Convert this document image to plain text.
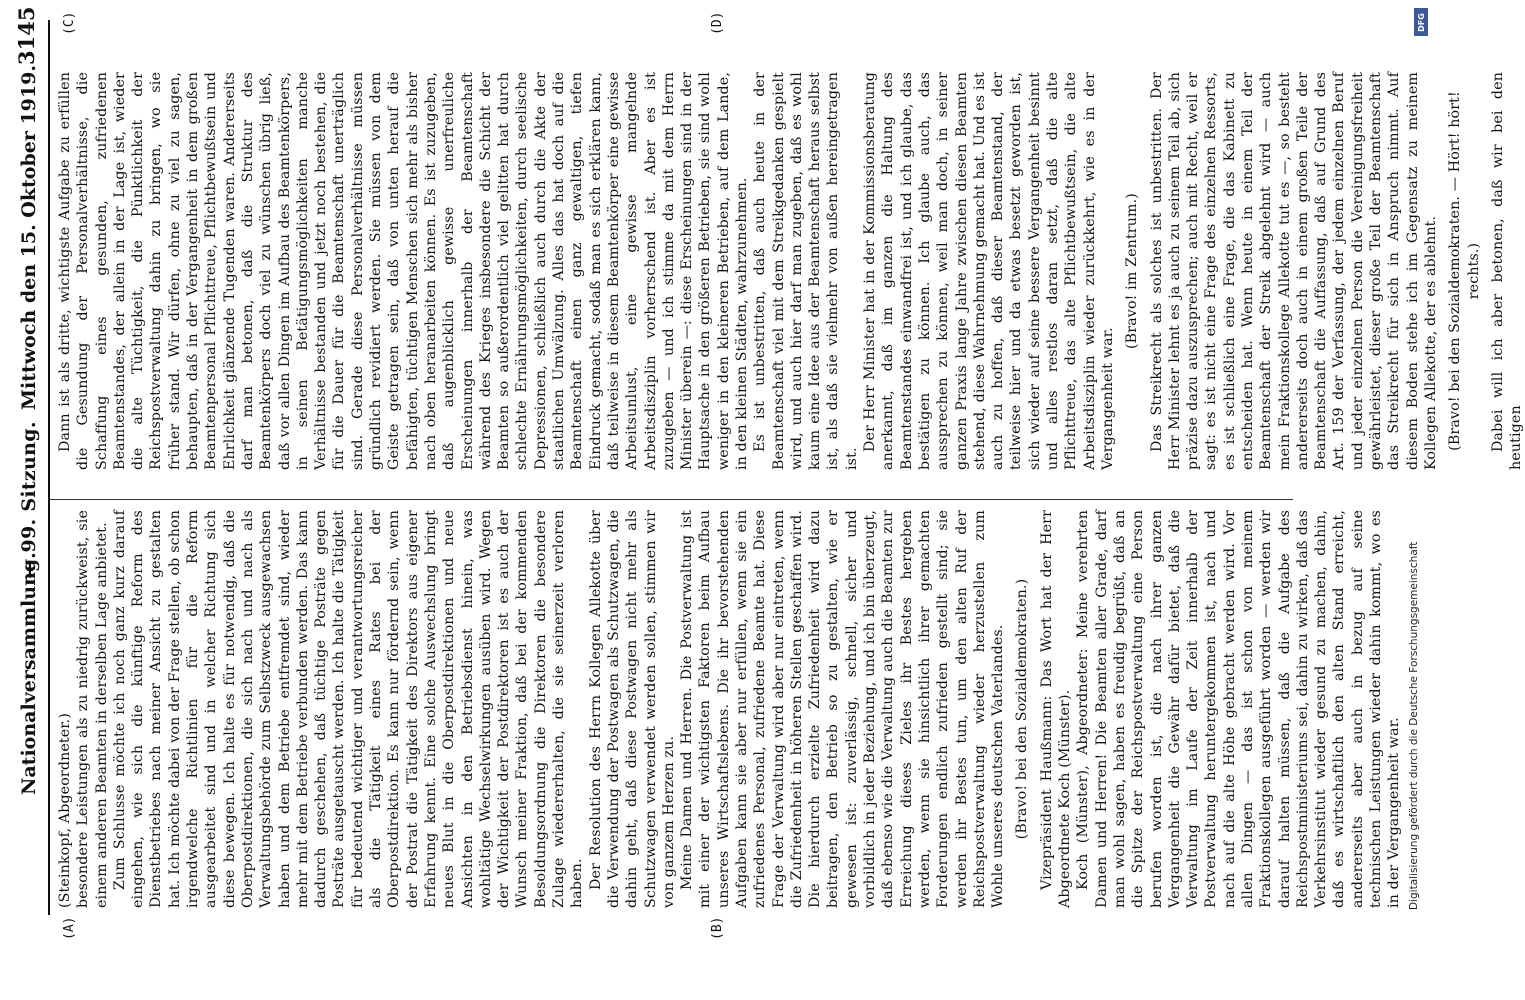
Nationalversammlung.
— 99. Sitzung.
Mittwoch den 15. Oktober 1919.
3145
(A)	(B)
(C)	(D)

(Steinkopf, Abgeordneter.) besondere Leistungen als zu niedrig zurückweist, sie einem anderen Beamten in derselben Lage anbietet. Zum Schlusse möchte ich noch ganz kurz darauf eingehen, wie sich die künftige Reform des Dienstbetriebes nach meiner Ansicht zu gestalten hat. Ich möchte dabei von der Frage stellen, ob schon irgendwelche Richtlinien für die Reform ausgearbeitet sind und in welcher Richtung sich diese bewegen. Ich halte es für notwendig, daß die Oberpostdirektionen, die sich nach und nach als Verwaltungsbehörde zum Selbstzweck ausgewachsen haben und dem Betriebe entfremdet sind, wieder mehr mit dem Betriebe verbunden werden. Das kann dadurch geschehen, daß tüchtige Posträte gegen Posträte ausgetauscht werden. Ich halte die Tätigkeit für bedeutend wichtiger und verantwortungsreicher als die Tätigkeit eines Rates bei der Oberpostdirektion. Es kann nur fördernd sein, wenn der Postrat die Tätigkeit des Direktors aus eigener Erfahrung kennt. Eine solche Auswechslung bringt neues Blut in die Oberpostdirektionen und neue Ansichten in den Betriebsdienst hinein, was wohltätige Wechselwirkungen ausüben wird. Wegen der Wichtigkeit der Postdirektoren ist es auch der Wunsch meiner Fraktion, daß bei der kommenden Besoldungsordnung die Direktoren die besondere Zulage wiedererhalten, die sie seinerzeit verloren haben. Der Resolution des Herrn Kollegen Allekotte über die Verwendung der Postwagen als Schutzwagen, die dahin geht, daß diese Postwagen nicht mehr als Schutzwagen verwendet werden sollen, stimmen wir von ganzem Herzen zu. Meine Damen und Herren. Die Postverwaltung ist mit einer der wichtigsten Faktoren beim Aufbau unseres Wirtschaftslebens. Die ihr bevorstehenden Aufgaben kann sie aber nur erfüllen, wenn sie ein zufriedenes Personal, zufriedene Beamte hat. Diese Frage der Verwaltung wird aber nur eintreten, wenn die Zufriedenheit in höheren Stellen geschaffen wird. Die hierdurch erzielte Zufriedenheit wird dazu beitragen, den Betrieb so zu gestalten, wie er gewesen ist: zuverlässig, schnell, sicher und vorbildlich in jeder Beziehung, und ich bin überzeugt, daß ebenso wie die Verwaltung auch die Beamten zur Erreichung dieses Zieles ihr Bestes hergeben werden, wenn sie hinsichtlich ihrer gemachten Forderungen endlich zufrieden gestellt sind; sie werden ihr Bestes tun, um den alten Ruf der Reichspostverwaltung wieder herzustellen zum Wohle unseres deutschen Vaterlandes. (Bravo! bei den Sozialdemokraten.) Vizepräsident Haußmann: Das Wort hat der Herr Abgeordnete Koch (Münster). Koch (Münster), Abgeordneter: Meine verehrten Damen und Herren! Die Beamten aller Grade, darf man wohl sagen, haben es freudig begrüßt, daß an die Spitze der Reichspostverwaltung eine Person berufen worden ist, die nach ihrer ganzen Vergangenheit die Gewähr dafür bietet, daß die Verwaltung im Laufe der Zeit innerhalb der Postverwaltung heruntergekommen ist, nach und nach auf die alte Höhe gebracht werden wird. Vor allen Dingen — das ist schon von meinem Fraktionskollegen ausgeführt worden — werden wir darauf halten müssen, daß die Aufgabe des Reichspostministeriums sei, dahin zu wirken, daß das Verkehrsinstitut wieder gesund zu machen, dahin, daß es wirtschaftlich den alten Stand erreicht, andererseits aber auch in bezug auf seine technischen Leistungen wieder dahin kommt, wo es in der Vergangenheit war.

Dann ist als dritte, wichtigste Aufgabe zu erfüllen die Gesundung der Personalverhältnisse, die Schaffung eines gesunden, zufriedenen Beamtenstandes, der allein in der Lage ist, wieder die alte Tüchtigkeit, die Pünktlichkeit der Reichspostverwaltung dahin zu bringen, wo sie früher stand. Wir dürfen, ohne zu viel zu sagen, behaupten, daß in der Vergangenheit in dem großen Beamtenpersonal Pflichttreue, Pflichtbewußtsein und Ehrlichkeit glänzende Tugenden waren. Andererseits darf man betonen, daß die Struktur des Beamtenkörpers doch viel zu wünschen übrig ließ, daß vor allen Dingen im Aufbau des Beamtenkörpers, in seinen Betätigungsmöglichkeiten manche Verhältnisse bestanden und jetzt noch bestehen, die für die Dauer für die Beamtenschaft unerträglich sind. Gerade diese Personalverhältnisse müssen gründlich revidiert werden. Sie müssen von dem Geiste getragen sein, daß von unten herauf die befähigten, tüchtigen Menschen sich mehr als bisher nach oben heranarbeiten können. Es ist zuzugeben, daß augenblicklich gewisse unerfreuliche Erscheinungen innerhalb der Beamtenschaft während des Krieges insbesondere die Schicht der Beamten so außerordentlich viel gelitten hat durch schlechte Ernährungsmöglichkeiten, durch seelische Depressionen, schließlich auch durch die Akte der staatlichen Umwälzung. Alles das hat doch auf die Beamtenschaft einen ganz gewaltigen, tiefen Eindruck gemacht, sodaß man es sich erklären kann, daß teilweise in diesem Beamtenkörper eine gewisse Arbeitsunlust, eine gewisse mangelnde Arbeitsdisziplin vorherrschend ist. Aber es ist zuzugeben — und ich stimme da mit dem Herrn Minister überein —: diese Erscheinungen sind in der Hauptsache in den größeren Betrieben, sie sind wohl weniger in den kleineren Betrieben, auf dem Lande, in den kleinen Städten, wahrzunehmen. Es ist unbestritten, daß auch heute in der Beamtenschaft viel mit dem Streikgedanken gespielt wird, und auch hier darf man zugeben, daß es wohl kaum eine Idee aus der Beamtenschaft heraus selbst ist, als daß sie vielmehr von außen hereingetragen ist.

Der Herr Minister hat in der Kommissionsberatung anerkannt, daß im ganzen die Haltung des Beamtenstandes einwandfrei ist, und ich glaube, das bestätigen zu können. Ich glaube auch, das aussprechen zu können, weil man doch, in seiner ganzen Praxis lange Jahre zwischen diesen Beamten stehend, diese Wahrnehmung gemacht hat. Und es ist auch zu hoffen, daß dieser Beamtenstand, der teilweise hier und da etwas besetzt geworden ist, sich wieder auf seine bessere Vergangenheit besinnt und alles restlos daran setzt, daß die alte Pflichttreue, das alte Pflichtbewußtsein, die alte Arbeitsdisziplin wieder zurückkehrt, wie es in der Vergangenheit war.

(Bravo! im Zentrum.) Das Streikrecht als solches ist unbestritten. Der Herr Minister lehnt es ja auch zu seinem Teil ab, sich präzise dazu auszusprechen; auch mit Recht, weil er sagt: es ist nicht eine Frage des einzelnen Ressorts, es ist schließlich eine Frage, die das Kabinett zu entscheiden hat. Wenn heute in einem Teil der Beamtenschaft der Streik abgelehnt wird — auch mein Fraktionskollege Allekotte tut es —, so besteht andererseits doch auch in einem großen Teile der Beamtenschaft die Auffassung, daß auf Grund des Art. 159 der Verfassung, der jedem einzelnen Beruf und jeder einzelnen Person die Vereinigungsfreiheit gewährleistet, dieser große Teil der Beamtenschaft das Streikrecht für sich in Anspruch nimmt. Auf diesem Boden stehe ich im Gegensatz zu meinem Kollegen Allekotte, der es ablehnt. (Bravo! bei den Sozialdemokraten. — Hört! hört! rechts.) Dabei will ich aber betonen, daß wir bei den heutigen

DFG
Digitalisierung gefördert durch die Deutsche Forschungsgemeinschaft
